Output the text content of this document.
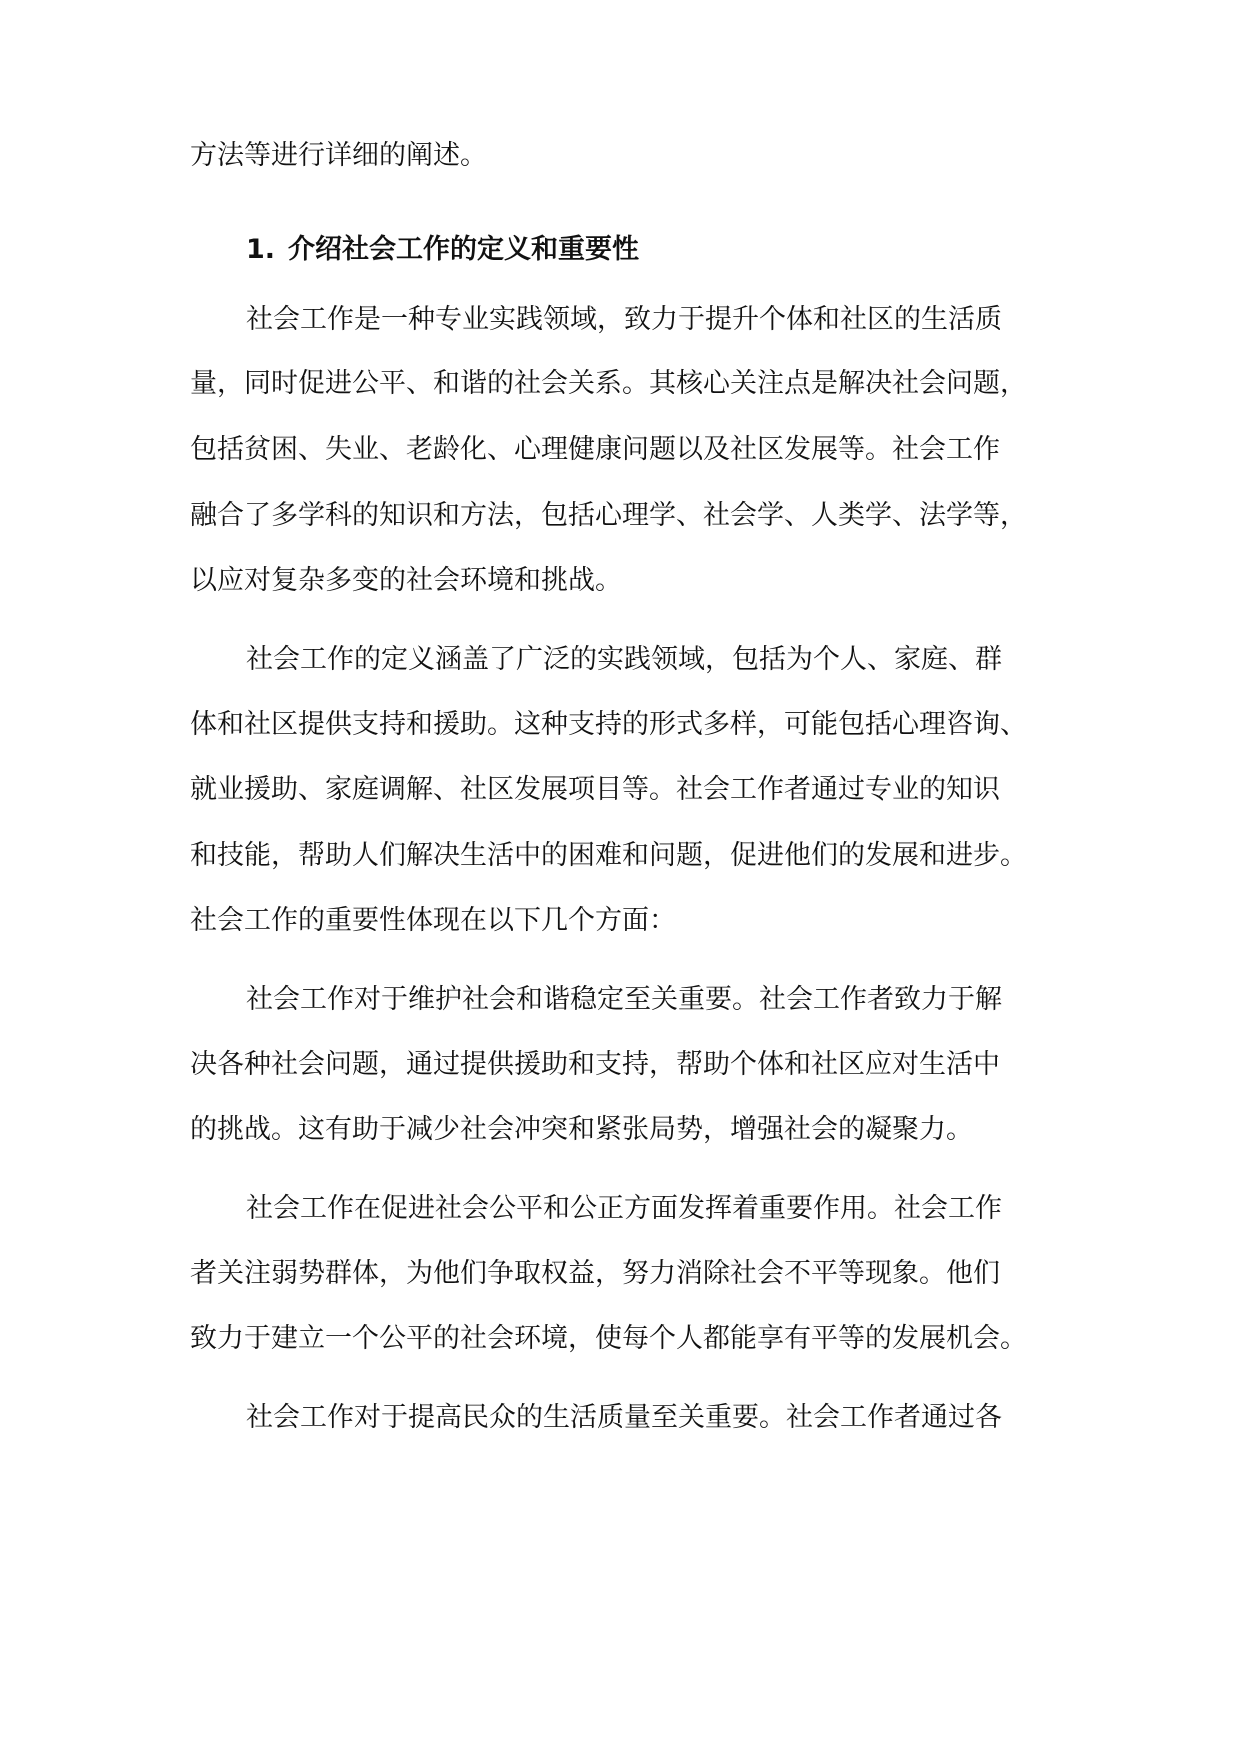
方法等进行详细的阐述。
1. 介绍社会工作的定义和重要性
社会工作是一种专业实践领域，致力于提升个体和社区的生活质
量，同时促进公平、和谐的社会关系。其核心关注点是解决社会问题，
包括贫困、失业、老龄化、心理健康问题以及社区发展等。社会工作
融合了多学科的知识和方法，包括心理学、社会学、人类学、法学等，
以应对复杂多变的社会环境和挑战。
社会工作的定义涵盖了广泛的实践领域，包括为个人、家庭、群
体和社区提供支持和援助。这种支持的形式多样，可能包括心理咨询、
就业援助、家庭调解、社区发展项目等。社会工作者通过专业的知识
和技能，帮助人们解决生活中的困难和问题，促进他们的发展和进步。
社会工作的重要性体现在以下几个方面：
社会工作对于维护社会和谐稳定至关重要。社会工作者致力于解
决各种社会问题，通过提供援助和支持，帮助个体和社区应对生活中
的挑战。这有助于减少社会冲突和紧张局势，增强社会的凝聚力。
社会工作在促进社会公平和公正方面发挥着重要作用。社会工作
者关注弱势群体，为他们争取权益，努力消除社会不平等现象。他们
致力于建立一个公平的社会环境，使每个人都能享有平等的发展机会。
社会工作对于提高民众的生活质量至关重要。社会工作者通过各
